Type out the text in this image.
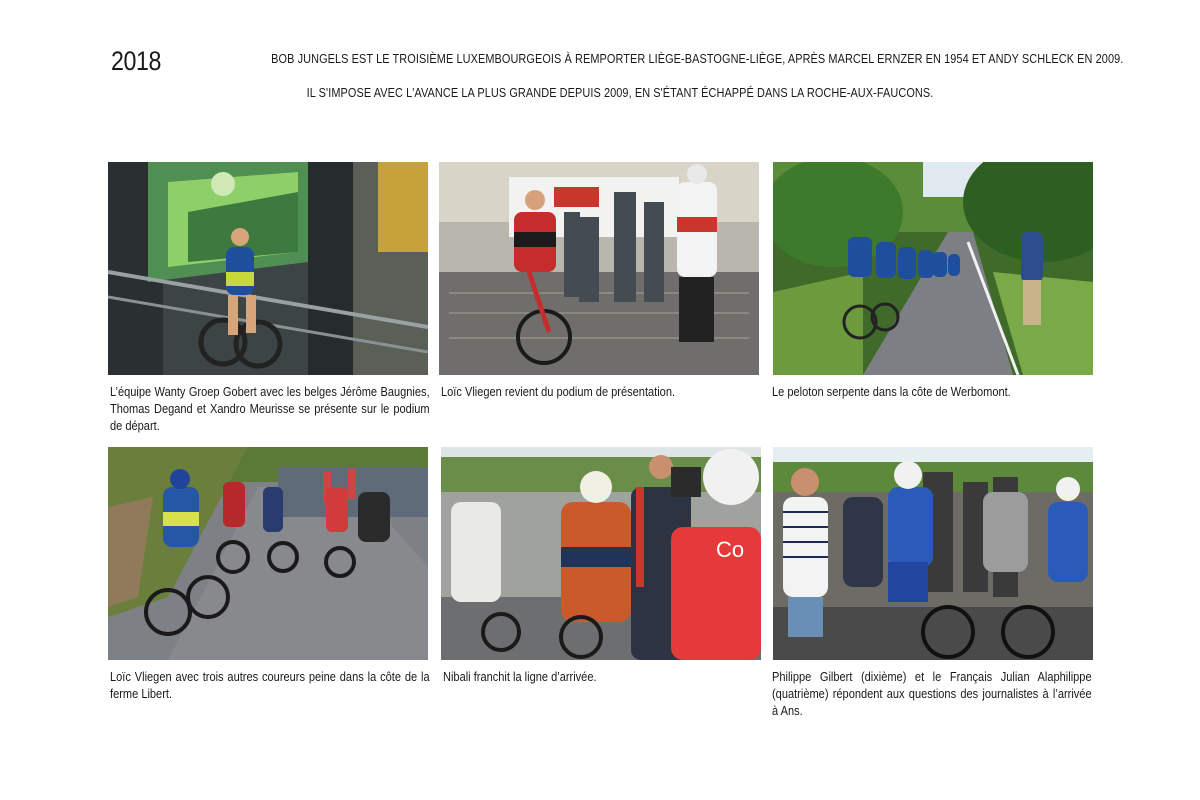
2018	BOB JUNGELS EST LE TROISIÈME LUXEMBOURGEOIS À REMPORTER LIÈGE-BASTOGNE-LIÈGE, APRÈS MARCEL ERNZER EN 1954 ET ANDY SCHLECK EN 2009.
IL S'IMPOSE AVEC L'AVANCE LA PLUS GRANDE DEPUIS 2009, EN S'ÉTANT ÉCHAPPÉ DANS LA ROCHE-AUX-FAUCONS.
Co
L’équipe Wanty Groep Gobert avec les belges Jérôme Baugnies, Thomas Degand et Xandro Meurisse se présente sur le podium de départ.
Loïc Vliegen revient du podium de présentation.	Le peloton serpente dans la côte de Werbomont.
Loïc Vliegen avec trois autres coureurs peine dans la côte de la ferme Libert.
Nibali franchit la ligne d’arrivée.	Philippe Gilbert (dixième) et le Français Julian Alaphilippe (quatrième) répondent aux questions des journalistes à l’arrivée à Ans.
